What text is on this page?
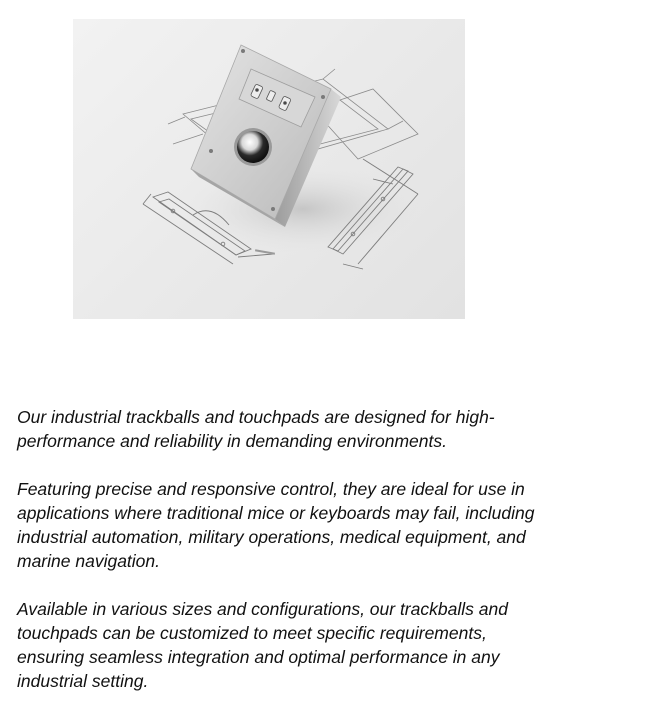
Our industrial trackballs and touchpads are designed for high-
performance and reliability in demanding environments.

Featuring precise and responsive control, they are ideal for use in
applications where traditional mice or keyboards may fail, including
industrial automation, military operations, medical equipment, and
marine navigation.

Available in various sizes and configurations, our trackballs and
touchpads can be customized to meet specific requirements,
ensuring seamless integration and optimal performance in any
industrial setting.
